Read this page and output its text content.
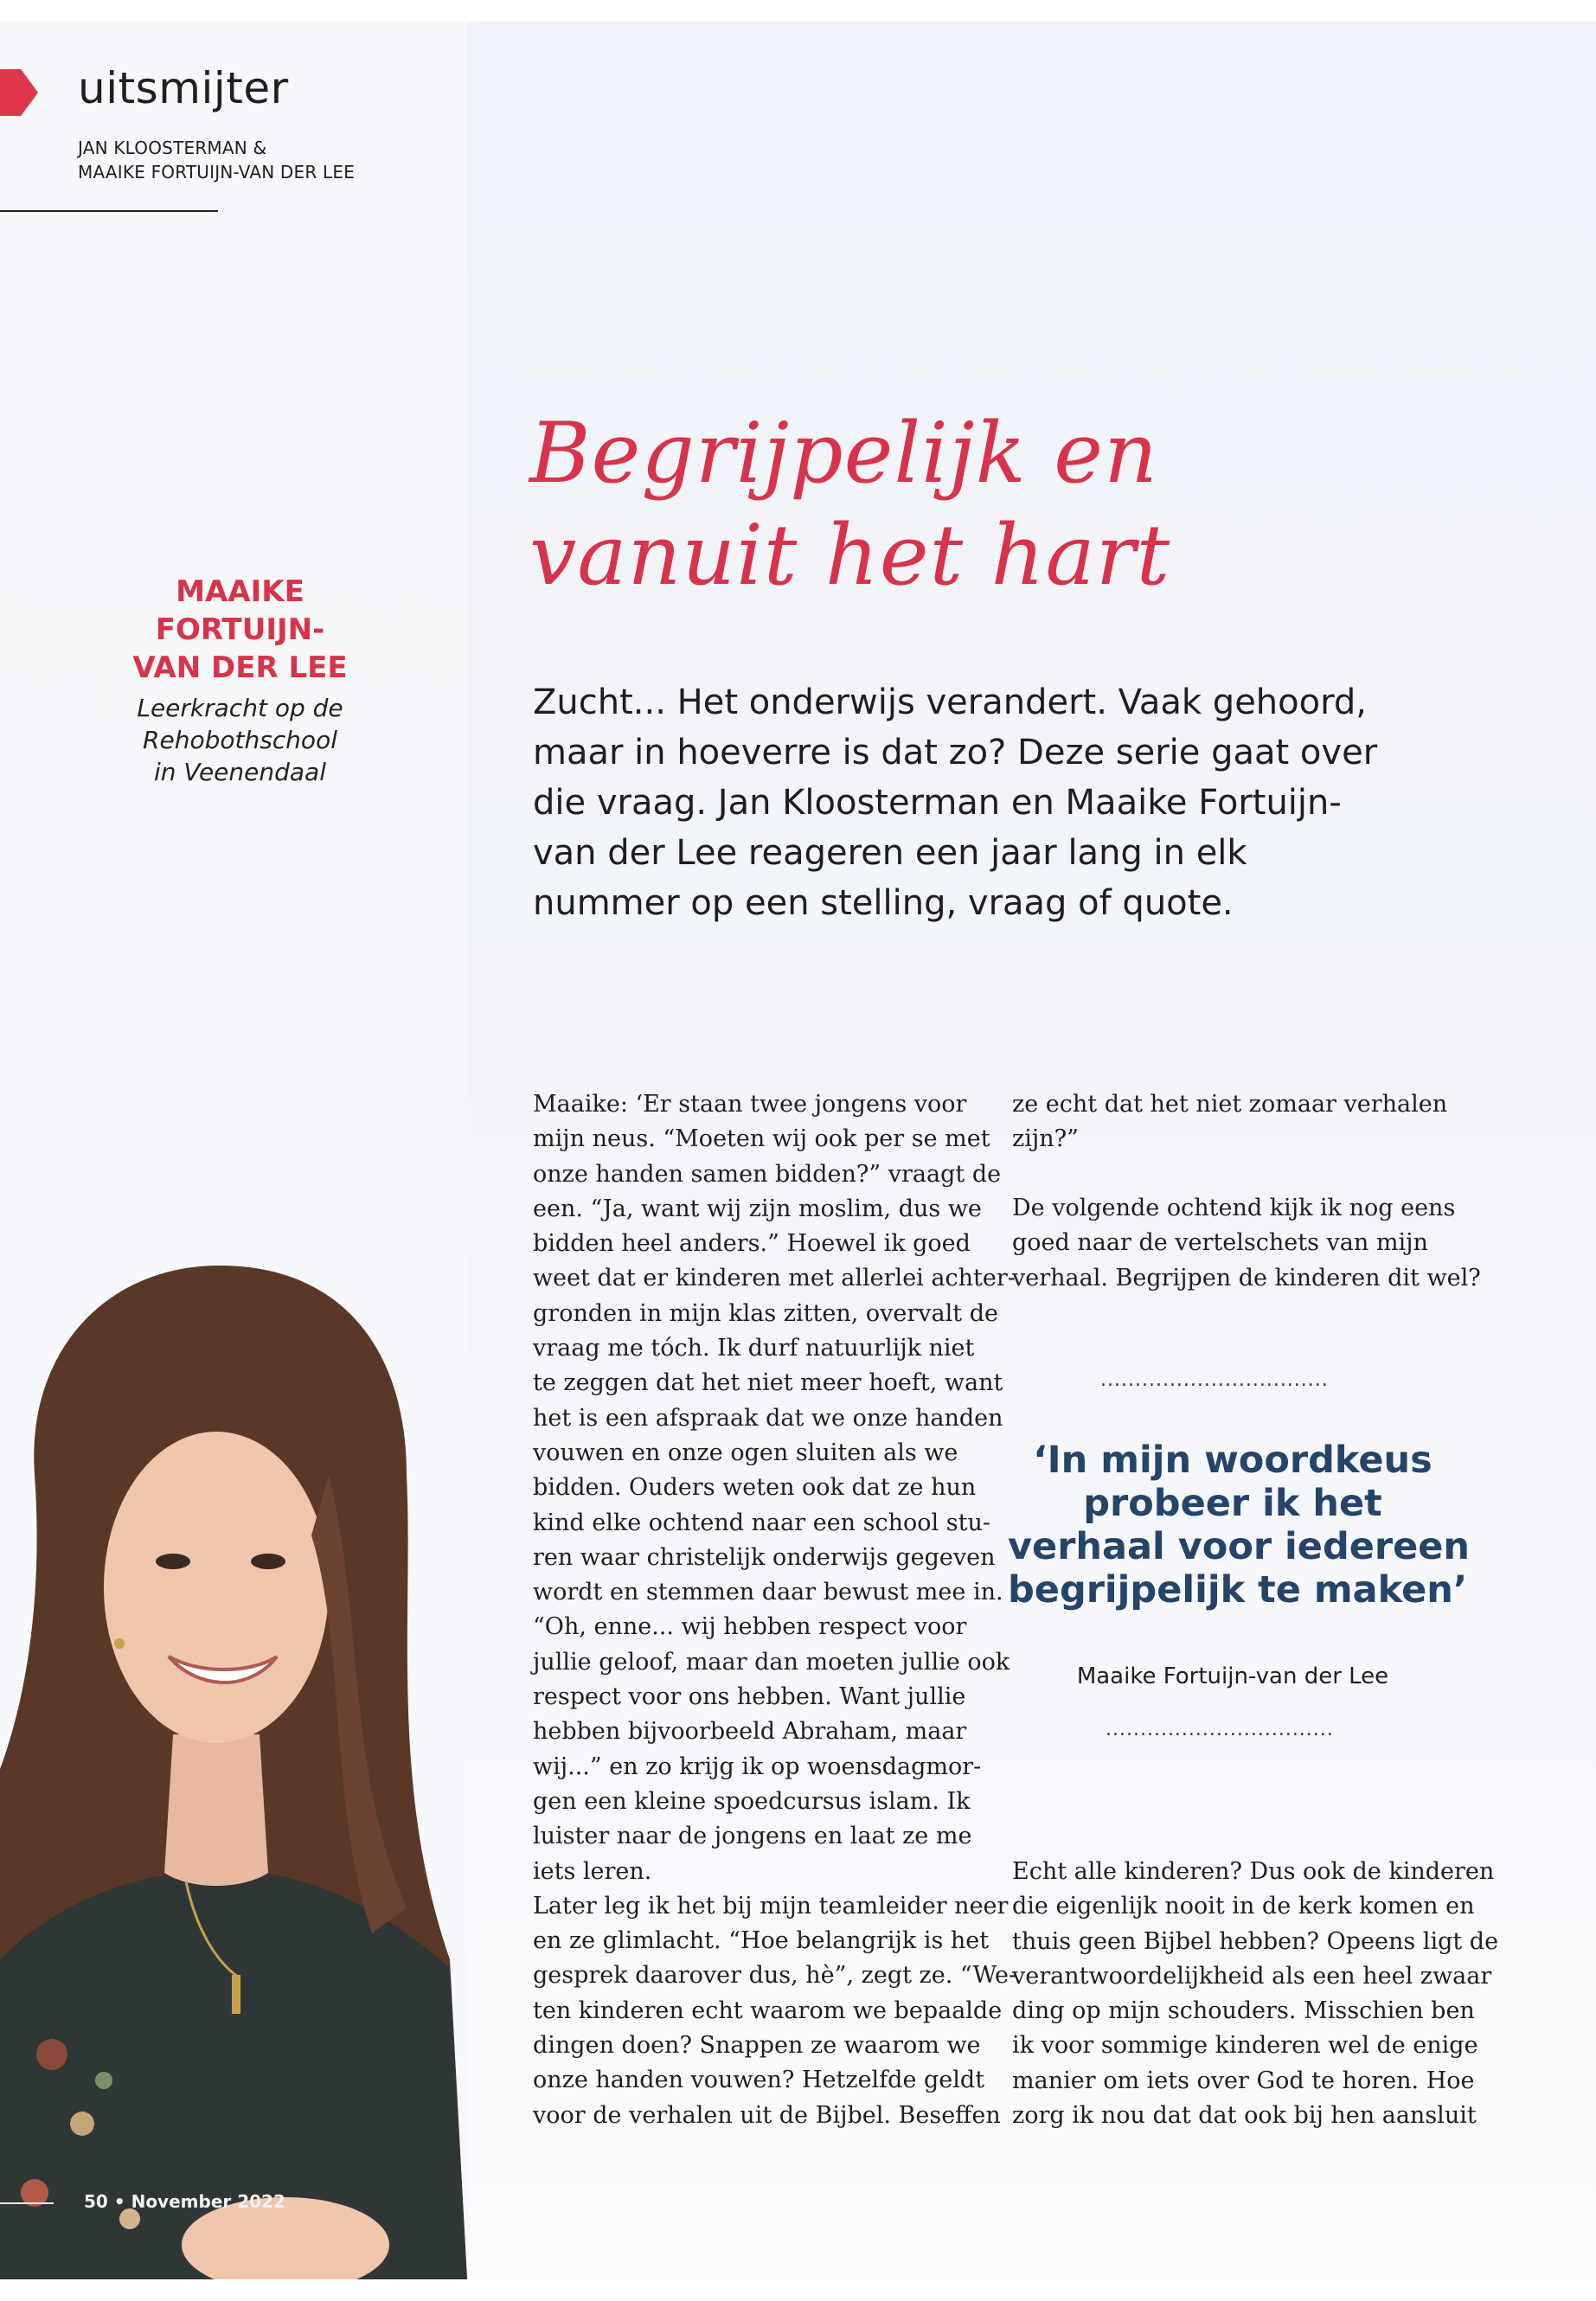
uitsmijter
JAN KLOOSTERMAN &
MAAIKE FORTUIJN-VAN DER LEE
MAAIKE FORTUIJN-
VAN DER LEE
Leerkracht op de
Rehobothschool
in Veenendaal
50 • November 2022
Begrijpelijk en
vanuit het hart
Zucht... Het onderwijs verandert. Vaak gehoord,
maar in hoeverre is dat zo? Deze serie gaat over
die vraag. Jan Kloosterman en Maaike Fortuijn-
van der Lee reageren een jaar lang in elk
nummer op een stelling, vraag of quote.
Maaike: ‘Er staan twee jongens voor
mijn neus. “Moeten wij ook per se met
onze handen samen bidden?” vraagt de
een. “Ja, want wij zijn moslim, dus we
bidden heel anders.” Hoewel ik goed
weet dat er kinderen met allerlei achter-
gronden in mijn klas zitten, overvalt de
vraag me tóch. Ik durf natuurlijk niet
te zeggen dat het niet meer hoeft, want
het is een afspraak dat we onze handen
vouwen en onze ogen sluiten als we
bidden. Ouders weten ook dat ze hun
kind elke ochtend naar een school stu-
ren waar christelijk onderwijs gegeven
wordt en stemmen daar bewust mee in.
“Oh, enne... wij hebben respect voor
jullie geloof, maar dan moeten jullie ook
respect voor ons hebben. Want jullie
hebben bijvoorbeeld Abraham, maar
wij...” en zo krijg ik op woensdagmor-
gen een kleine spoedcursus islam. Ik
luister naar de jongens en laat ze me
iets leren.
Later leg ik het bij mijn teamleider neer
en ze glimlacht. “Hoe belangrijk is het
gesprek daarover dus, hè”, zegt ze. “We-
ten kinderen echt waarom we bepaalde
dingen doen? Snappen ze waarom we
onze handen vouwen? Hetzelfde geldt
voor de verhalen uit de Bijbel. Beseffen
ze echt dat het niet zomaar verhalen
zijn?”
De volgende ochtend kijk ik nog eens
goed naar de vertelschets van mijn
verhaal. Begrijpen de kinderen dit wel?
.................................
‘In mijn woordkeus
probeer ik het
verhaal voor iedereen
begrijpelijk te maken’
Maaike Fortuijn-van der Lee
.................................
Echt alle kinderen? Dus ook de kinderen
die eigenlijk nooit in de kerk komen en
thuis geen Bijbel hebben? Opeens ligt de
verantwoordelijkheid als een heel zwaar
ding op mijn schouders. Misschien ben
ik voor sommige kinderen wel de enige
manier om iets over God te horen. Hoe
zorg ik nou dat dat ook bij hen aansluit
